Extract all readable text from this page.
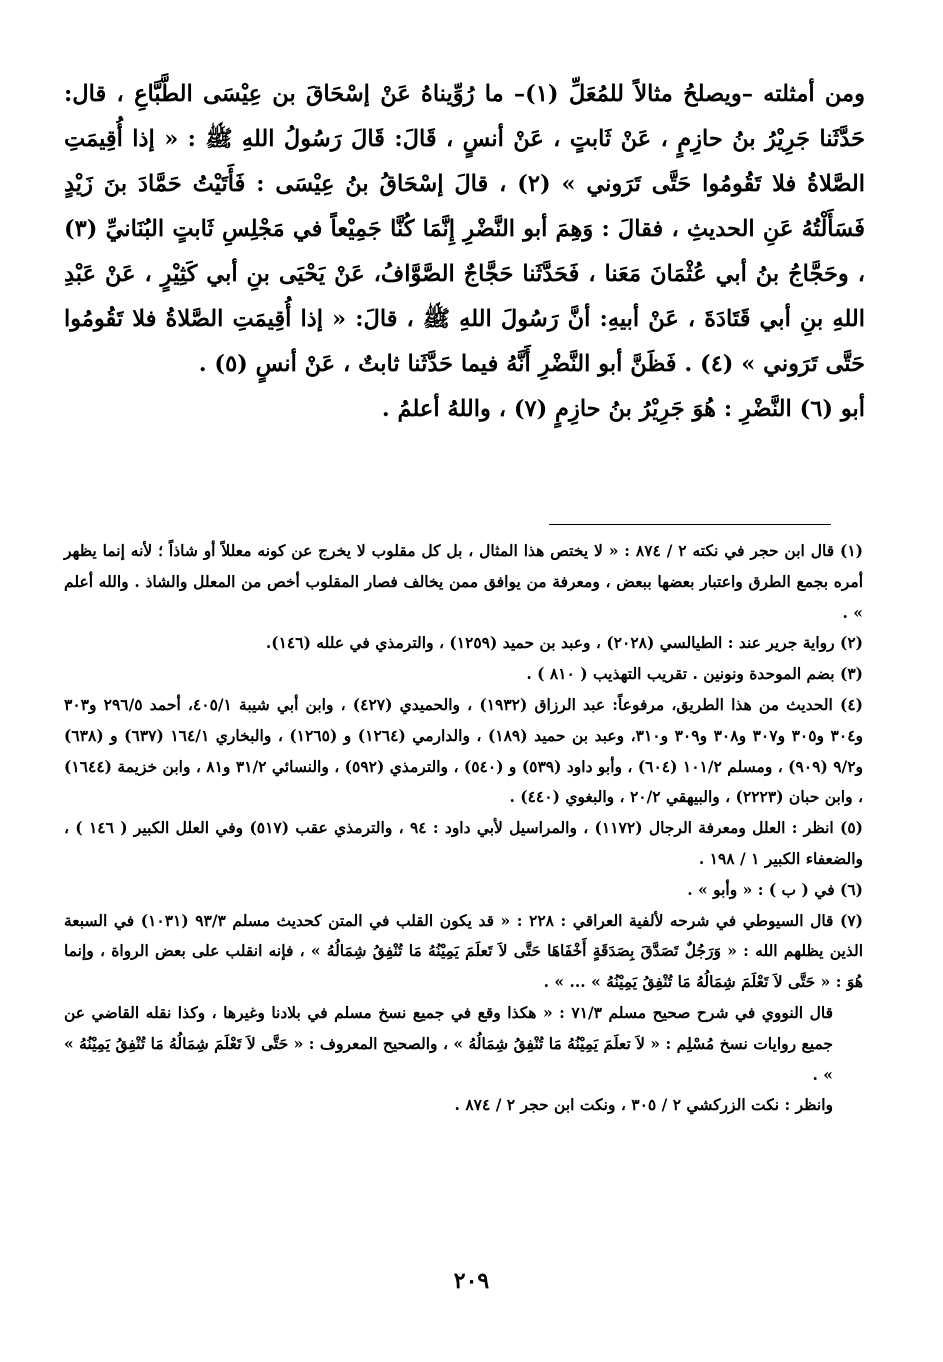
ومن أمثلته –ويصلحُ مثالاً للمُعَلِّ (١)– ما رُوِّيناهُ عَنْ إسْحَاقَ بن عِيْسَى الطَّبَّاعِ ، قال: حَدَّثَنا جَرِيْرُ بنُ حازِمٍ ، عَنْ ثَابتٍ ، عَنْ أنسٍ ، قَالَ: قَالَ رَسُولُ اللهِ ﷺ : « إذا أُقِيمَتِ الصَّلاةُ فلا تَقُومُوا حَتَّى تَرَوني » (٢) ، قالَ إسْحَاقُ بنُ عِيْسَى : فَأَتَيْتُ حَمَّادَ بنَ زَيْدٍ فَسَأَلْتُهُ عَنِ الحديثِ ، فقالَ : وَهِمَ أبو النَّضْرِ إِنَّمَا كُنَّا جَمِيْعاً في مَجْلِسِ ثَابتٍ البُنَانيِّ (٣) ، وحَجَّاجُ بنُ أبي عُثْمَانَ مَعَنا ، فَحَدَّثَنا حَجَّاجٌ الصَّوَّافُ، عَنْ يَحْيَى بنِ أبي كَثِيْرٍ ، عَنْ عَبْدِ اللهِ بنِ أبي قَتَادَةَ ، عَنْ أبيهِ: أنَّ رَسُولَ اللهِ ﷺ ، قالَ: « إذا أُقِيمَتِ الصَّلاةُ فلا تَقُومُوا حَتَّى تَرَوني » (٤) . فَظَنَّ أبو النَّضْرِ أَنَّهُ فيما حَدَّثَنا ثابتٌ ، عَنْ أنسٍ (٥) .

أبو (٦) النَّضْرِ : هُوَ جَرِيْرُ بنُ حازِمٍ (٧) ، واللهُ أعلمُ .

(١) قال ابن حجر في نكته ٢ / ٨٧٤ : « لا يختص هذا المثال ، بل كل مقلوب لا يخرج عن كونه معللاً أو شاذاً ؛ لأنه إنما يظهر أمره بجمع الطرق واعتبار بعضها ببعض ، ومعرفة من يوافق ممن يخالف فصار المقلوب أخص من المعلل والشاذ . والله أعلم » .

(٢) رواية جرير عند : الطيالسي (٢٠٢٨) ، وعبد بن حميد (١٢٥٩) ، والترمذي في علله (١٤٦).

(٣) بضم الموحدة ونونين . تقريب التهذيب ( ٨١٠ ) .

(٤) الحديث من هذا الطريق، مرفوعاً: عبد الرزاق (١٩٣٢) ، والحميدي (٤٢٧) ، وابن أبي شيبة ٤٠٥/١، أحمد ٢٩٦/٥ و٣٠٣ و٣٠٤ و٣٠٥ و٣٠٧ و٣٠٨ و٣٠٩ و٣١٠، وعبد بن حميد (١٨٩) ، والدارمي (١٢٦٤) و (١٢٦٥) ، والبخاري ١٦٤/١ (٦٣٧) و (٦٣٨) و٩/٢ (٩٠٩) ، ومسلم ١٠١/٢ (٦٠٤) ، وأبو داود (٥٣٩) و (٥٤٠) ، والترمذي (٥٩٢) ، والنسائي ٣١/٢ و٨١ ، وابن خزيمة (١٦٤٤) ، وابن حبان (٢٢٢٣) ، والبيهقي ٢٠/٢ ، والبغوي (٤٤٠) .

(٥) انظر : العلل ومعرفة الرجال (١١٧٢) ، والمراسيل لأبي داود : ٩٤ ، والترمذي عقب (٥١٧) وفي العلل الكبير ( ١٤٦ ) ، والضعفاء الكبير ١ / ١٩٨ .

(٦) في ( ب ) : « وأبو » .

(٧) قال السيوطي في شرحه لألفية العراقي : ٢٢٨ : « قد يكون القلب في المتن كحديث مسلم ٩٣/٣ (١٠٣١) في السبعة الذين يظلهم الله : « وَرَجُلٌ تَصَدَّقَ بِصَدَقَةٍ أَخْفَاهَا حَتَّى لاَ تَعلَمَ يَمِيْنُهُ مَا تُنْفِقُ شِمَالُهُ » ، فإنه انقلب على بعض الرواة ، وإنما هُوَ : « حَتَّى لاَ تَعْلَمَ شِمَالُهُ مَا تُنْفِقُ يَمِيْنُهُ » ... » .

قال النووي في شرح صحيح مسلم ٧١/٣ : « هكذا وقع في جميع نسخ مسلم في بلادنا وغيرها ، وكذا نقله القاضي عن جميع روايات نسخ مُسْلِم : « لاَ تعلَمَ يَمِيْنُهُ مَا تُنْفِقُ شِمَالُهُ » ، والصحيح المعروف : « حَتَّى لاَ تَعْلَمَ شِمَالُهُ مَا تُنْفِقُ يَمِيْنُهُ » » .

وانظر : نكت الزركشي ٢ / ٣٠٥ ، ونكت ابن حجر ٢ / ٨٧٤ .

٢٠٩
